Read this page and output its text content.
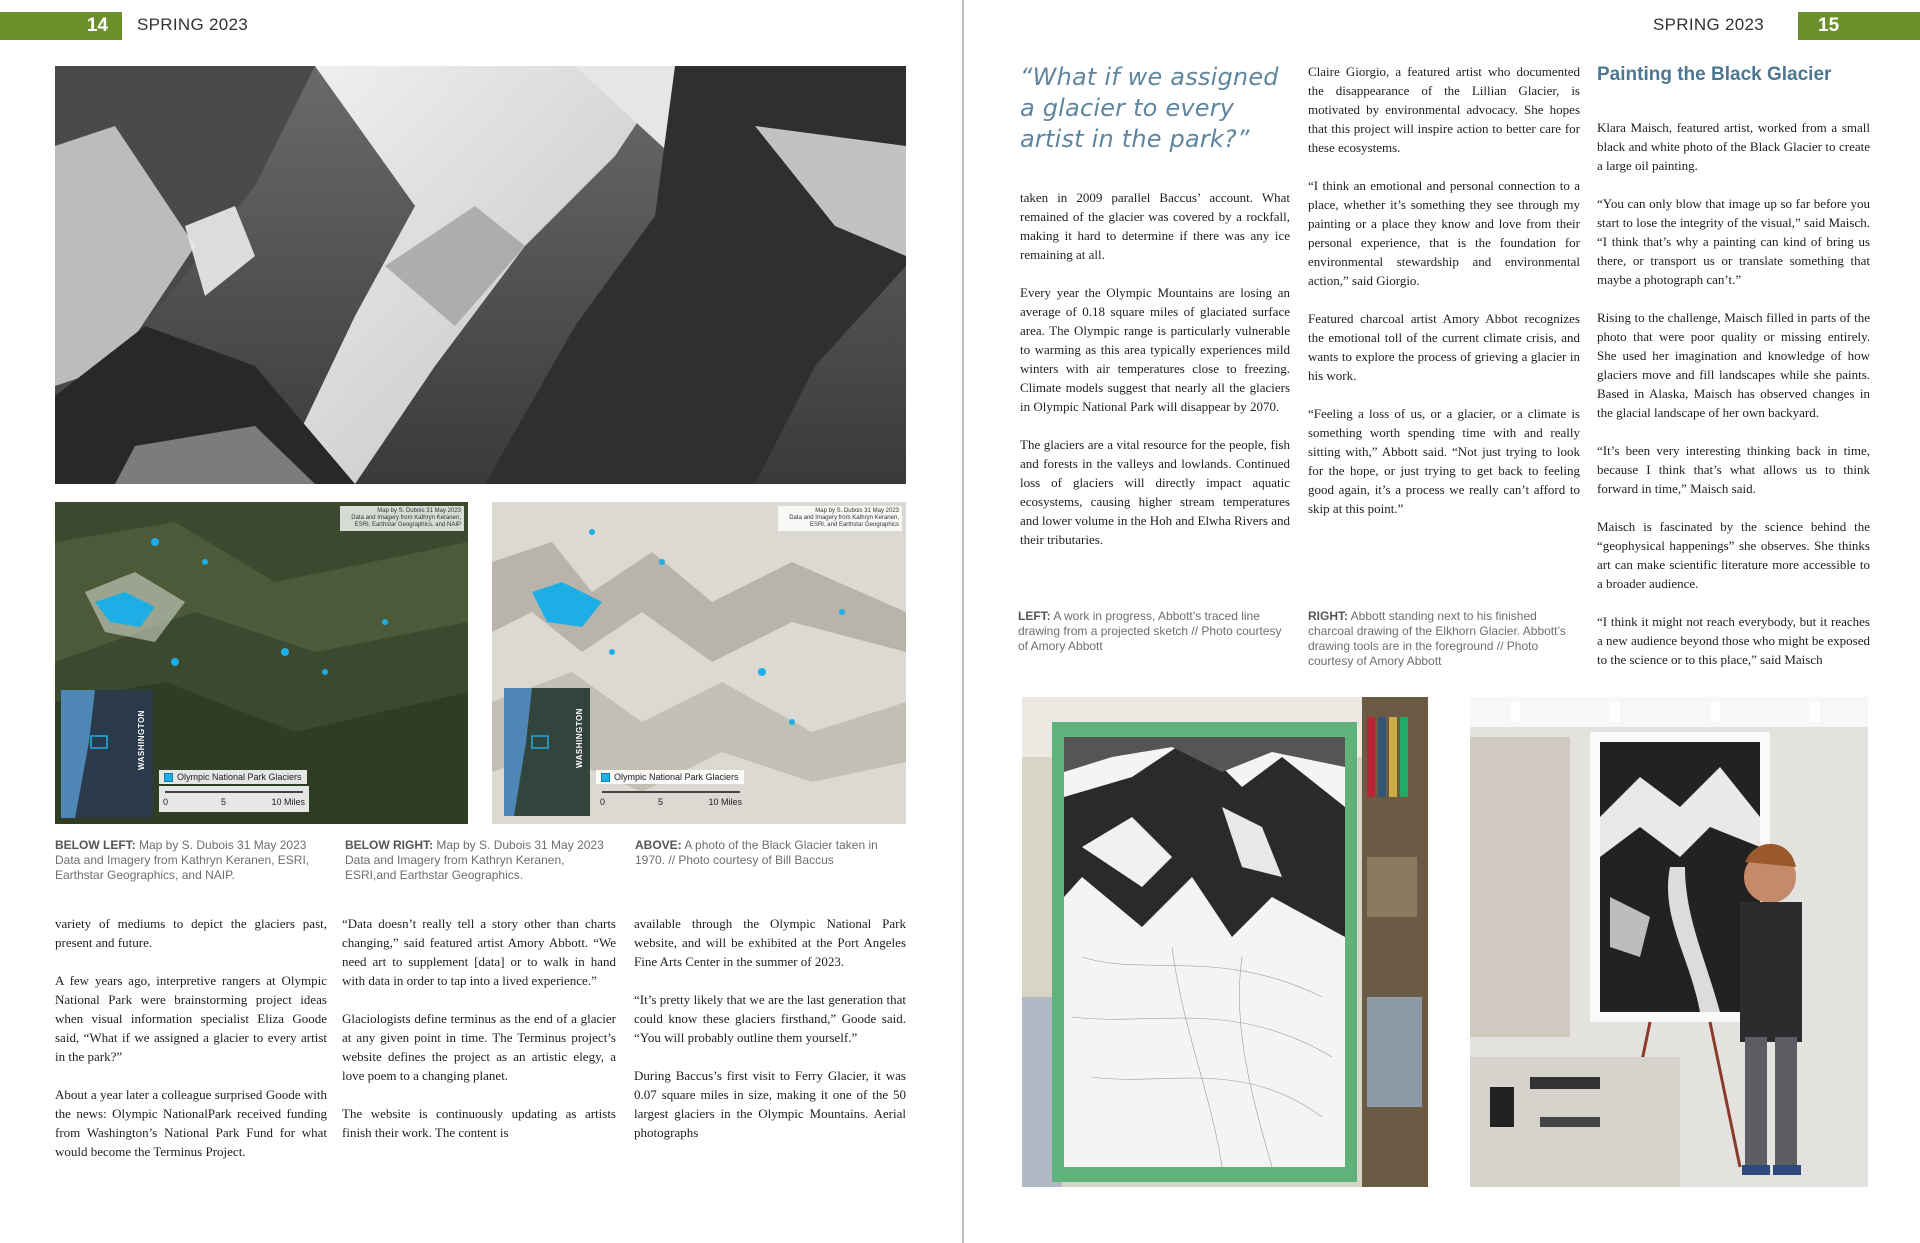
14	SPRING 2023
Map by S. Dubois 31 May 2023
Data and Imagery from Kathryn Keranen, ESRI, Earthstar Geographics, and NAIP
WASHINGTON
Olympic National Park Glaciers
0	5	10 Miles
Map by S. Dubois 31 May 2023
Data and Imagery from Kathryn Keranen, ESRI, and Earthstar Geographics
WASHINGTON
Olympic National Park Glaciers
0	5	10 Miles
BELOW LEFT: Map by S. Dubois 31 May 2023 Data and Imagery from Kathryn Keranen, ESRI, Earthstar Geographics, and NAIP.
BELOW RIGHT: Map by S. Dubois 31 May 2023 Data and Imagery from Kathryn Keranen, ESRI,and Earthstar Geographics.
ABOVE: A photo of the Black Glacier taken in 1970. // Photo courtesy of Bill Baccus

variety of mediums to depict the glaciers past, present and future.

A few years ago, interpretive rangers at Olympic National Park were brainstorming project ideas when visual information specialist Eliza Goode said, “What if we assigned a glacier to every artist in the park?”

About a year later a colleague surprised Goode with the news: Olympic NationalPark received funding from Washington’s National Park Fund for what would become the Terminus Project.

“Data doesn’t really tell a story other than charts changing,” said featured artist Amory Abbott. “We need art to supplement [data] or to walk in hand with data in order to tap into a lived experience.”

Glaciologists define terminus as the end of a glacier at any given point in time. The Terminus project’s website defines the project as an artistic elegy, a love poem to a changing planet.

The website is continuously updating as artists finish their work. The content is

available through the Olympic National Park website, and will be exhibited at the Port Angeles Fine Arts Center in the summer of 2023.

“It’s pretty likely that we are the last generation that could know these glaciers firsthand,” Goode said. “You will probably outline them yourself.”

During Baccus’s first visit to Ferry Glacier, it was 0.07 square miles in size, making it one of the 50 largest glaciers in the Olympic Mountains. Aerial photographs

SPRING 2023	15
“What if we assigned a glacier to every artist in the park?”
Painting the Black Glacier

taken in 2009 parallel Baccus’ account. What remained of the glacier was covered by a rockfall, making it hard to determine if there was any ice remaining at all.

Every year the Olympic Mountains are losing an average of 0.18 square miles of glaciated surface area. The Olympic range is particularly vulnerable to warming as this area typically experiences mild winters with air temperatures close to freezing. Climate models suggest that nearly all the glaciers in Olympic National Park will disappear by 2070.

The glaciers are a vital resource for the people, fish and forests in the valleys and lowlands. Continued loss of glaciers will directly impact aquatic ecosystems, causing higher stream temperatures and lower volume in the Hoh and Elwha Rivers and their tributaries.

Claire Giorgio, a featured artist who documented the disappearance of the Lillian Glacier, is motivated by environmental advocacy. She hopes that this project will inspire action to better care for these ecosystems.

“I think an emotional and personal connection to a place, whether it’s something they see through my painting or a place they know and love from their personal experience, that is the foundation for environmental stewardship and environmental action,” said Giorgio.

Featured charcoal artist Amory Abbot recognizes the emotional toll of the current climate crisis, and wants to explore the process of grieving a glacier in his work.

“Feeling a loss of us, or a glacier, or a climate is something worth spending time with and really sitting with,” Abbott said. “Not just trying to look for the hope, or just trying to get back to feeling good again, it’s a process we really can’t afford to skip at this point.”

Klara Maisch, featured artist, worked from a small black and white photo of the Black Glacier to create a large oil painting.

“You can only blow that image up so far before you start to lose the integrity of the visual,” said Maisch. “I think that’s why a painting can kind of bring us there, or transport us or translate something that maybe a photograph can’t.”

Rising to the challenge, Maisch filled in parts of the photo that were poor quality or missing entirely. She used her imagination and knowledge of how glaciers move and fill landscapes while she paints. Based in Alaska, Maisch has observed changes in the glacial landscape of her own backyard.

“It’s been very interesting thinking back in time, because I think that’s what allows us to think forward in time,” Maisch said.

Maisch is fascinated by the science behind the “geophysical happenings” she observes. She thinks art can make scientific literature more accessible to a broader audience.

“I think it might not reach everybody, but it reaches a new audience beyond those who might be exposed to the science or to this place,” said Maisch

LEFT: A work in progress, Abbott’s traced line drawing from a projected sketch // Photo courtesy of Amory Abbott
RIGHT: Abbott standing next to his finished charcoal drawing of the Elkhorn Glacier. Abbott’s drawing tools are in the foreground // Photo courtesy of Amory Abbott
